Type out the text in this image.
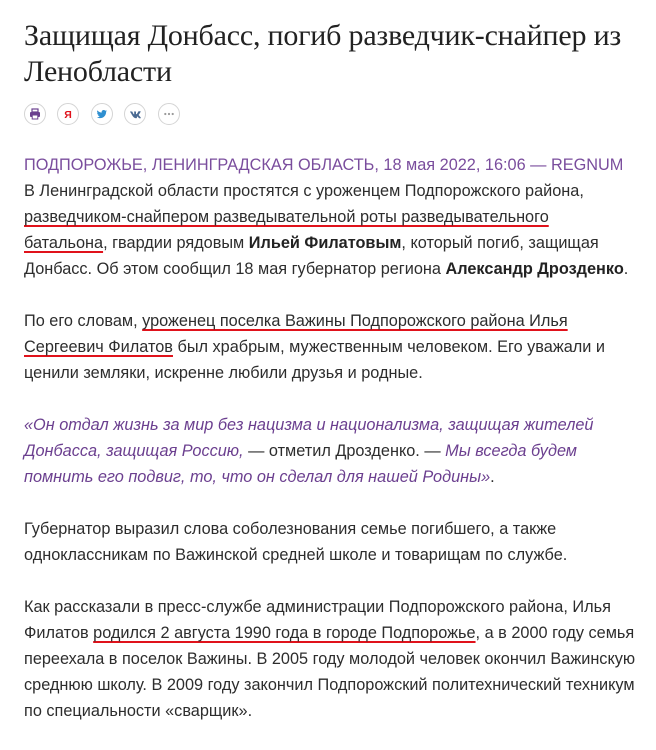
Защищая Донбасс, погиб разведчик-снайпер из Ленобласти
Я

ПОДПОРОЖЬЕ, ЛЕНИНГРАДСКАЯ ОБЛАСТЬ, 18 мая 2022, 16:06 — REGNUM В Ленинградской области простятся с уроженцем Подпорожского района, разведчиком-снайпером разведывательной роты разведывательного батальона, гвардии рядовым Ильей Филатовым, который погиб, защищая Донбасс. Об этом сообщил 18 мая губернатор региона Александр Дрозденко.

По его словам, уроженец поселка Важины Подпорожского района Илья Сергеевич Филатов был храбрым, мужественным человеком. Его уважали и ценили земляки, искренне любили друзья и родные.

«Он отдал жизнь за мир без нацизма и национализма, защищая жителей Донбасса, защищая Россию, — отметил Дрозденко. — Мы всегда будем помнить его подвиг, то, что он сделал для нашей Родины».

Губернатор выразил слова соболезнования семье погибшего, а также одноклассникам по Важинской средней школе и товарищам по службе.

Как рассказали в пресс-службе администрации Подпорожского района, Илья Филатов родился 2 августа 1990 года в городе Подпорожье, а в 2000 году семья переехала в поселок Важины. В 2005 году молодой человек окончил Важинскую среднюю школу. В 2009 году закончил Подпорожский политехнический техникум по специальности «сварщик».
